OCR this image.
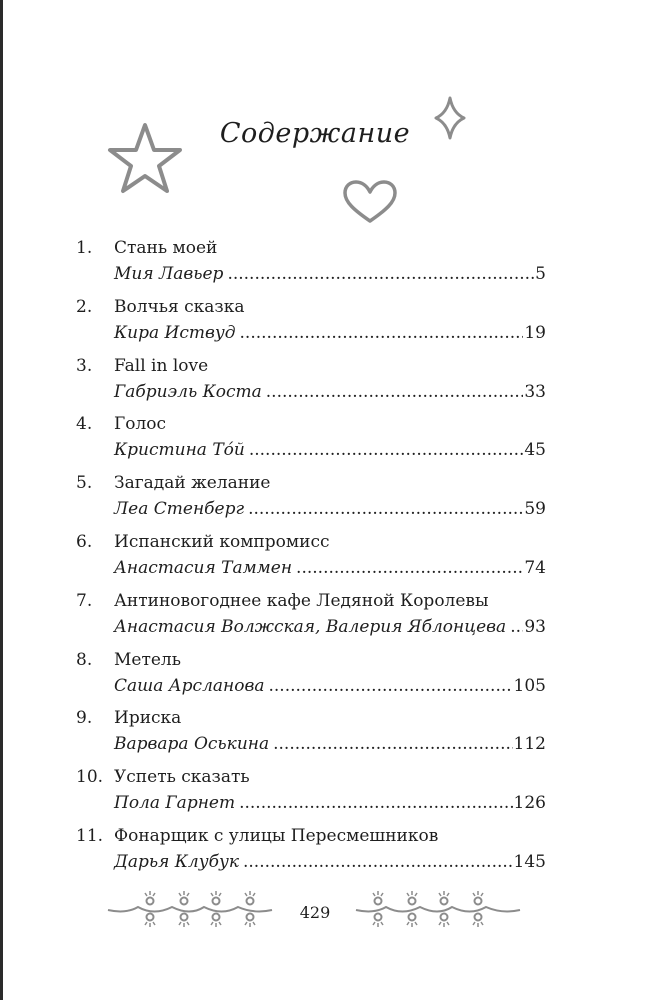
Содержание
1. Стань моей
Мия Лавьер .....	5
2. Волчья сказка
Кира Иствуд .....	19
3. Fall in love
Габриэль Коста .....	33
4. Голос
Кристина То́й .....	45
5. Загадай желание
Леа Стенберг .....	59
6. Испанский компромисс
Анастасия Таммен .....	74
7. Антиновогоднее кафе Ледяной Королевы
Анастасия Волжская, Валерия Яблонцева ..... 93
8. Метель
Саша Арсланова .....	105
9. Ириска
Варвара Оськина .....	112
10. Успеть сказать
Пола Гарнет .....	126
11. Фонарщик с улицы Пересмешников
Дарья Клубук .....	145
429
